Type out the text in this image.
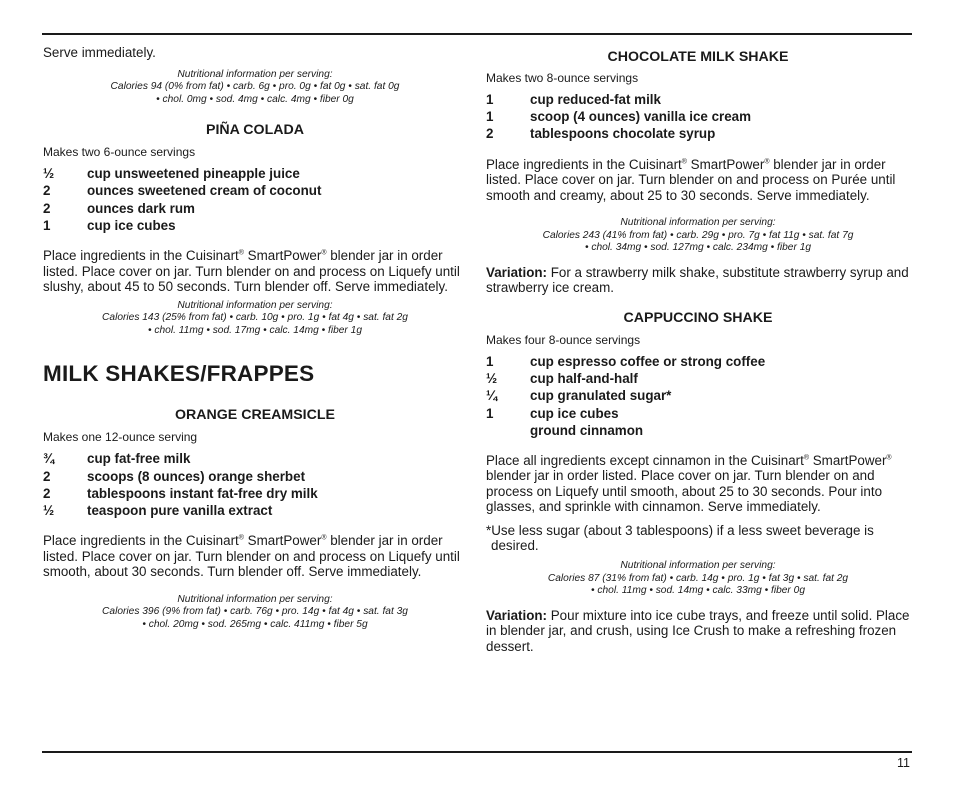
Serve immediately.

Nutritional information per serving:
Calories 94 (0% from fat) • carb. 6g • pro. 0g • fat 0g • sat. fat 0g
• chol. 0mg • sod. 4mg • calc. 4mg • fiber 0g
PIÑA COLADA

Makes two 6-ounce servings

½	cup unsweetened pineapple juice
2	ounces sweetened cream of coconut
2	ounces dark rum
1	cup ice cubes

Place ingredients in the Cuisinart® SmartPower® blender jar in order listed. Place cover on jar. Turn blender on and process on Liquefy until slushy, about 45 to 50 seconds. Turn blender off. Serve immediately.

Nutritional information per serving:
Calories 143 (25% from fat) • carb. 10g • pro. 1g • fat 4g • sat. fat 2g
• chol. 11mg • sod. 17mg • calc. 14mg • fiber 1g
MILK SHAKES/FRAPPES
ORANGE CREAMSICLE

Makes one 12-ounce serving

¾	cup fat-free milk
2	scoops (8 ounces) orange sherbet
2	tablespoons instant fat-free dry milk
½	teaspoon pure vanilla extract

Place ingredients in the Cuisinart® SmartPower® blender jar in order listed. Place cover on jar. Turn blender on and process on Liquefy until smooth, about 30 seconds. Turn blender off. Serve immediately.

Nutritional information per serving:
Calories 396 (9% from fat) • carb. 76g • pro. 14g • fat 4g • sat. fat 3g
• chol. 20mg • sod. 265mg • calc. 411mg • fiber 5g
CHOCOLATE MILK SHAKE

Makes two 8-ounce servings

1	cup reduced-fat milk
1	scoop (4 ounces) vanilla ice cream
2	tablespoons chocolate syrup

Place ingredients in the Cuisinart® SmartPower® blender jar in order listed. Place cover on jar. Turn blender on and process on Purée until smooth and creamy, about 25 to 30 seconds. Serve immediately.

Nutritional information per serving:
Calories 243 (41% from fat) • carb. 29g • pro. 7g • fat 11g • sat. fat 7g
• chol. 34mg • sod. 127mg • calc. 234mg • fiber 1g

Variation: For a strawberry milk shake, substitute strawberry syrup and strawberry ice cream.

CAPPUCCINO SHAKE

Makes four 8-ounce servings

1	cup espresso coffee or strong coffee
½	cup half-and-half
¼	cup granulated sugar*
1	cup ice cubes
ground cinnamon

Place all ingredients except cinnamon in the Cuisinart® SmartPower® blender jar in order listed. Place cover on jar. Turn blender on and process on Liquefy until smooth, about 25 to 30 seconds. Pour into glasses, and sprinkle with cinnamon. Serve immediately.

*Use less sugar (about 3 tablespoons) if a less sweet beverage is desired.

Nutritional information per serving:
Calories 87 (31% from fat) • carb. 14g • pro. 1g • fat 3g • sat. fat 2g
• chol. 11mg • sod. 14mg • calc. 33mg • fiber 0g

Variation: Pour mixture into ice cube trays, and freeze until solid. Place in blender jar, and crush, using Ice Crush to make a refreshing frozen dessert.

11
